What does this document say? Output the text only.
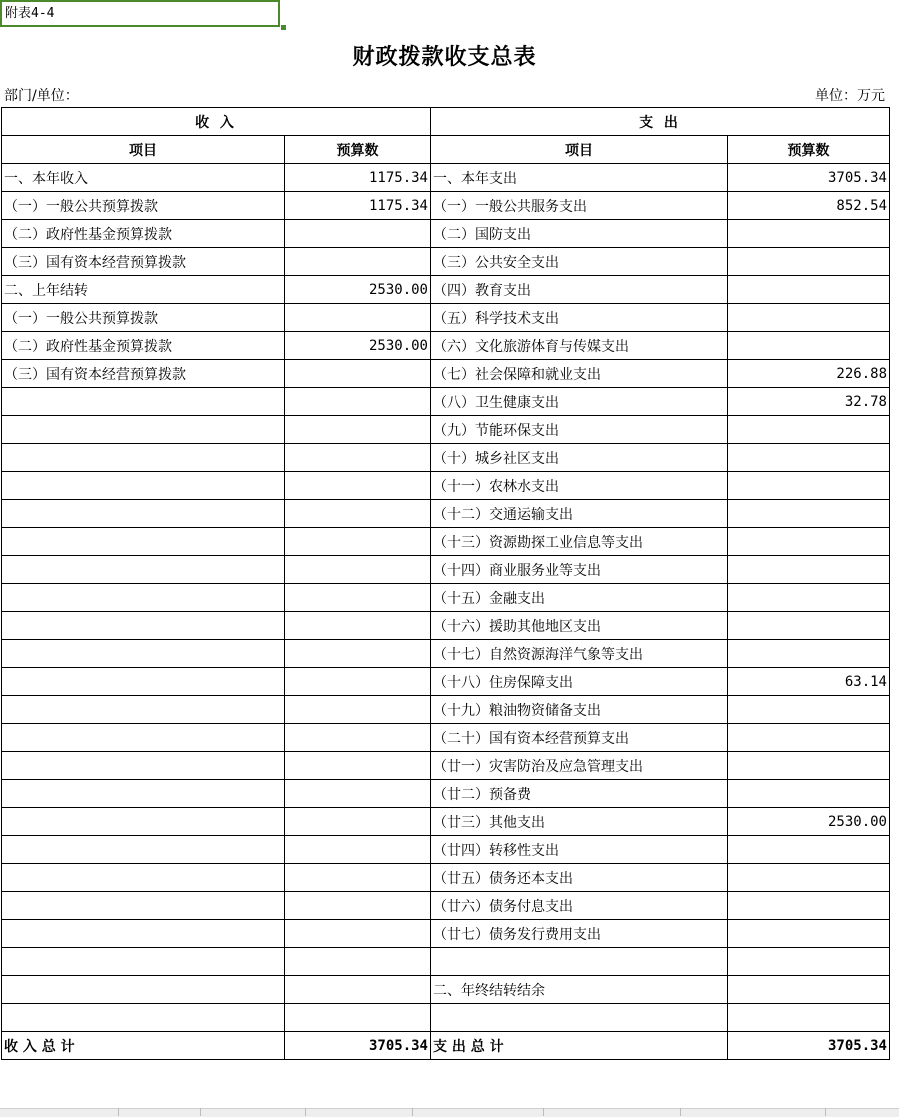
附表4-4
财政拨款收支总表
部门/单位：	单位：万元
收 入		支 出	
项目	预算数	项目	预算数
一、本年收入	1175.34	一、本年支出	3705.34
（一）一般公共预算拨款	1175.34	（一）一般公共服务支出	852.54
（二）政府性基金预算拨款		（二）国防支出	
（三）国有资本经营预算拨款		（三）公共安全支出	
二、上年结转	2530.00	（四）教育支出	
（一）一般公共预算拨款		（五）科学技术支出	
（二）政府性基金预算拨款	2530.00	（六）文化旅游体育与传媒支出	
（三）国有资本经营预算拨款		（七）社会保障和就业支出	226.88
		（八）卫生健康支出	32.78
		（九）节能环保支出	
		（十）城乡社区支出	
		（十一）农林水支出	
		（十二）交通运输支出	
		（十三）资源勘探工业信息等支出	
		（十四）商业服务业等支出	
		（十五）金融支出	
		（十六）援助其他地区支出	
		（十七）自然资源海洋气象等支出	
		（十八）住房保障支出	63.14
		（十九）粮油物资储备支出	
		（二十）国有资本经营预算支出	
		（廿一）灾害防治及应急管理支出	
		（廿二）预备费	
		（廿三）其他支出	2530.00
		（廿四）转移性支出	
		（廿五）债务还本支出	
		（廿六）债务付息支出	
		（廿七）债务发行费用支出	

		二、年终结转结余	

收 入 总 计	3705.34	支 出 总 计	3705.34
